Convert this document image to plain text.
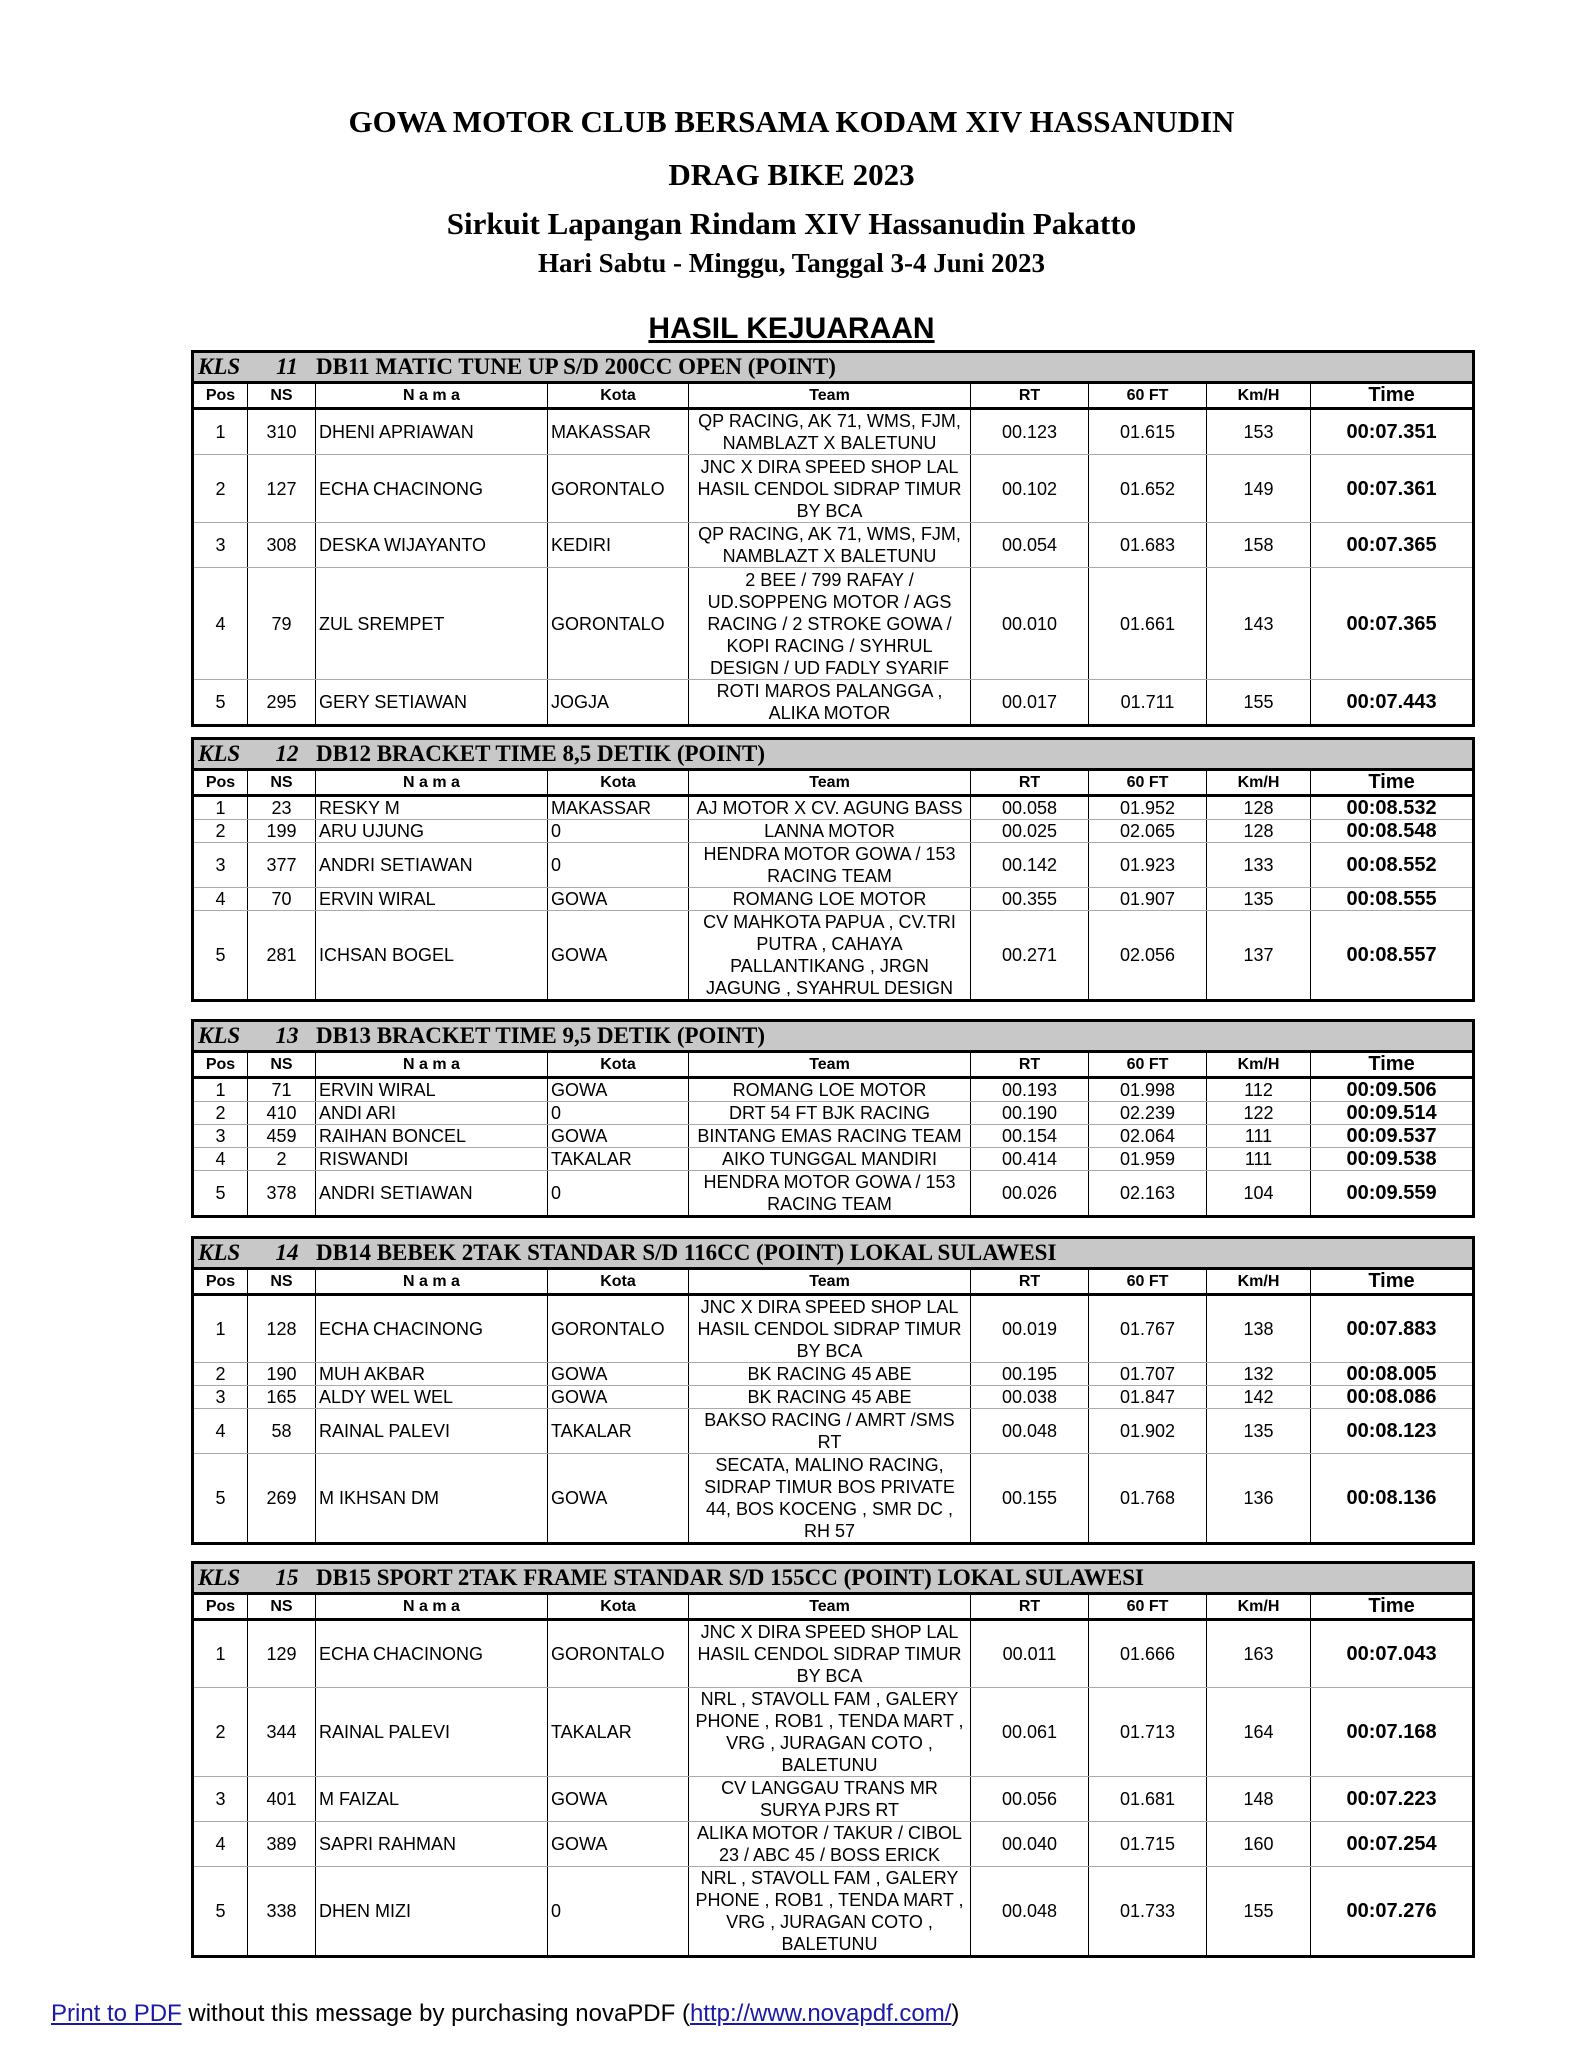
GOWA MOTOR CLUB BERSAMA KODAM XIV HASSANUDIN
DRAG BIKE 2023
Sirkuit Lapangan Rindam XIV Hassanudin Pakatto
Hari Sabtu - Minggu, Tanggal 3-4 Juni 2023
HASIL KEJUARAAN
KLS 11 DB11 MATIC TUNE UP S/D 200CC OPEN (POINT)								
Pos	NS	N a m a	Kota	Team	RT	60 FT	Km/H	Time
1	310	DHENI APRIAWAN	MAKASSAR	QP RACING, AK 71, WMS, FJM, NAMBLAZT X BALETUNU	00.123	01.615	153	00:07.351
2	127	ECHA CHACINONG	GORONTALO	JNC X DIRA SPEED SHOP LAL HASIL CENDOL SIDRAP TIMUR BY BCA	00.102	01.652	149	00:07.361
3	308	DESKA WIJAYANTO	KEDIRI	QP RACING, AK 71, WMS, FJM, NAMBLAZT X BALETUNU	00.054	01.683	158	00:07.365
4	79	ZUL SREMPET	GORONTALO	2 BEE / 799 RAFAY / UD.SOPPENG MOTOR / AGS RACING / 2 STROKE GOWA / KOPI RACING / SYHRUL DESIGN / UD FADLY SYARIF	00.010	01.661	143	00:07.365
5	295	GERY SETIAWAN	JOGJA	ROTI MAROS PALANGGA , ALIKA MOTOR	00.017	01.711	155	00:07.443
KLS 12 DB12 BRACKET TIME 8,5 DETIK (POINT)								
Pos	NS	N a m a	Kota	Team	RT	60 FT	Km/H	Time
1	23	RESKY M	MAKASSAR	AJ MOTOR X CV. AGUNG BASS	00.058	01.952	128	00:08.532
2	199	ARU UJUNG	0	LANNA MOTOR	00.025	02.065	128	00:08.548
3	377	ANDRI SETIAWAN	0	HENDRA MOTOR GOWA / 153 RACING TEAM	00.142	01.923	133	00:08.552
4	70	ERVIN WIRAL	GOWA	ROMANG LOE MOTOR	00.355	01.907	135	00:08.555
5	281	ICHSAN BOGEL	GOWA	CV MAHKOTA PAPUA , CV.TRI PUTRA , CAHAYA PALLANTIKANG , JRGN JAGUNG , SYAHRUL DESIGN	00.271	02.056	137	00:08.557
KLS 13 DB13 BRACKET TIME 9,5 DETIK (POINT)								
Pos	NS	N a m a	Kota	Team	RT	60 FT	Km/H	Time
1	71	ERVIN WIRAL	GOWA	ROMANG LOE MOTOR	00.193	01.998	112	00:09.506
2	410	ANDI ARI	0	DRT 54 FT BJK RACING	00.190	02.239	122	00:09.514
3	459	RAIHAN BONCEL	GOWA	BINTANG EMAS RACING TEAM	00.154	02.064	111	00:09.537
4	2	RISWANDI	TAKALAR	AIKO TUNGGAL MANDIRI	00.414	01.959	111	00:09.538
5	378	ANDRI SETIAWAN	0	HENDRA MOTOR GOWA / 153 RACING TEAM	00.026	02.163	104	00:09.559
KLS 14 DB14 BEBEK 2TAK STANDAR S/D 116CC (POINT) LOKAL SULAWESI								
Pos	NS	N a m a	Kota	Team	RT	60 FT	Km/H	Time
1	128	ECHA CHACINONG	GORONTALO	JNC X DIRA SPEED SHOP LAL HASIL CENDOL SIDRAP TIMUR BY BCA	00.019	01.767	138	00:07.883
2	190	MUH AKBAR	GOWA	BK RACING 45 ABE	00.195	01.707	132	00:08.005
3	165	ALDY WEL WEL	GOWA	BK RACING 45 ABE	00.038	01.847	142	00:08.086
4	58	RAINAL PALEVI	TAKALAR	BAKSO RACING / AMRT /SMS RT	00.048	01.902	135	00:08.123
5	269	M IKHSAN DM	GOWA	SECATA, MALINO RACING, SIDRAP TIMUR BOS PRIVATE 44, BOS KOCENG , SMR DC , RH 57	00.155	01.768	136	00:08.136
KLS 15 DB15 SPORT 2TAK FRAME STANDAR S/D 155CC (POINT) LOKAL SULAWESI								
Pos	NS	N a m a	Kota	Team	RT	60 FT	Km/H	Time
1	129	ECHA CHACINONG	GORONTALO	JNC X DIRA SPEED SHOP LAL HASIL CENDOL SIDRAP TIMUR BY BCA	00.011	01.666	163	00:07.043
2	344	RAINAL PALEVI	TAKALAR	NRL , STAVOLL FAM , GALERY PHONE , ROB1 , TENDA MART , VRG , JURAGAN COTO , BALETUNU	00.061	01.713	164	00:07.168
3	401	M FAIZAL	GOWA	CV LANGGAU TRANS MR SURYA PJRS RT	00.056	01.681	148	00:07.223
4	389	SAPRI RAHMAN	GOWA	ALIKA MOTOR / TAKUR / CIBOL 23 / ABC 45 / BOSS ERICK	00.040	01.715	160	00:07.254
5	338	DHEN MIZI	0	NRL , STAVOLL FAM , GALERY PHONE , ROB1 , TENDA MART , VRG , JURAGAN COTO , BALETUNU	00.048	01.733	155	00:07.276
Print to PDF without this message by purchasing novaPDF (http://www.novapdf.com/)
